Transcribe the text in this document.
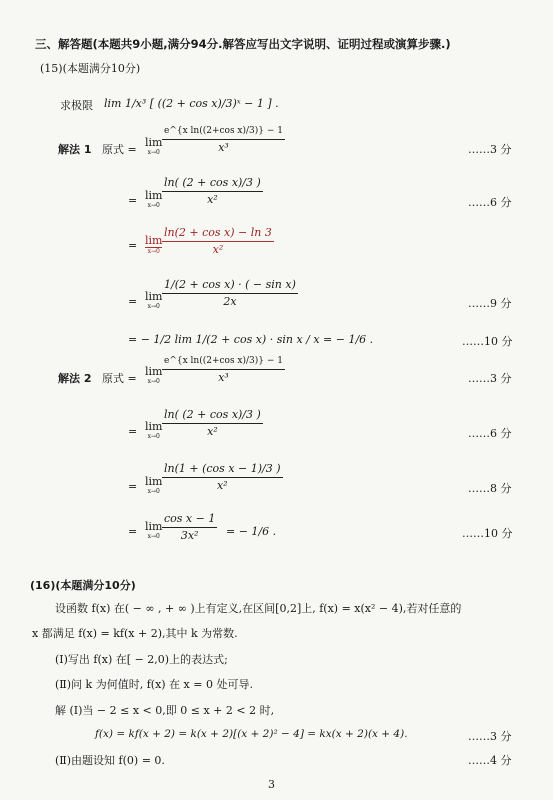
三、解答题(本题共9小题,满分94分.解答应写出文字说明、证明过程或演算步骤.)
(15)(本题满分10分)
求极限 lim 1/x³ [ ((2 + cos x)/3)ˣ − 1 ] .
解法 1 原式 =
lim
x→0
e^{x ln((2+cos x)/3)} − 1
x³
= lim
$x\to 0 \frac{\text{ln( (2 + cos x)/3 )}}{\text{x²}}$
= lim
$x\to 0 \frac{\text{ln(2 + cos x) − ln 3}}{\text{x²}}$
= lim
$x\to 0 \frac{\text{1/(2 + cos x) · ( − sin x)}}{2x}$
= − 1/2 lim 1/(2 + cos x) · sin x / x = − 1/6 .
解法 2 原式 =
lim
x→0
e^{x ln((2+cos x)/3)} − 1
x³
= lim
$x\to 0 \frac{\text{ln( (2 + cos x)/3 )}}{\text{x²}}$
= lim
$x\to 0 \frac{\text{ln(1 + (cos x − 1)/3 )}}{\text{x²}}$
= lim
$x\to 0 \frac{\text{cos x − 1}}{\text{3x²}}$ = − 1/6 .
……3 分
……6 分
……9 分
……10 分
……3 分
……6 分
……8 分
……10 分
(16)(本题满分10分)
设函数 f(x) 在( − ∞ , + ∞ )上有定义,在区间[0,2]上, f(x) = x(x² − 4),若对任意的
x 都满足 f(x) = kf(x + 2),其中 k 为常数.
(Ⅰ)写出 f(x) 在[ − 2,0)上的表达式;
(Ⅱ)问 k 为何值时, f(x) 在 x = 0 处可导.
解 (Ⅰ)当 − 2 ≤ x < 0,即 0 ≤ x + 2 < 2 时,
f(x) = kf(x + 2) = k(x + 2)[(x + 2)² − 4] = kx(x + 2)(x + 4).	……3 分
(Ⅱ)由题设知 f(0) = 0.	……4 分
3
